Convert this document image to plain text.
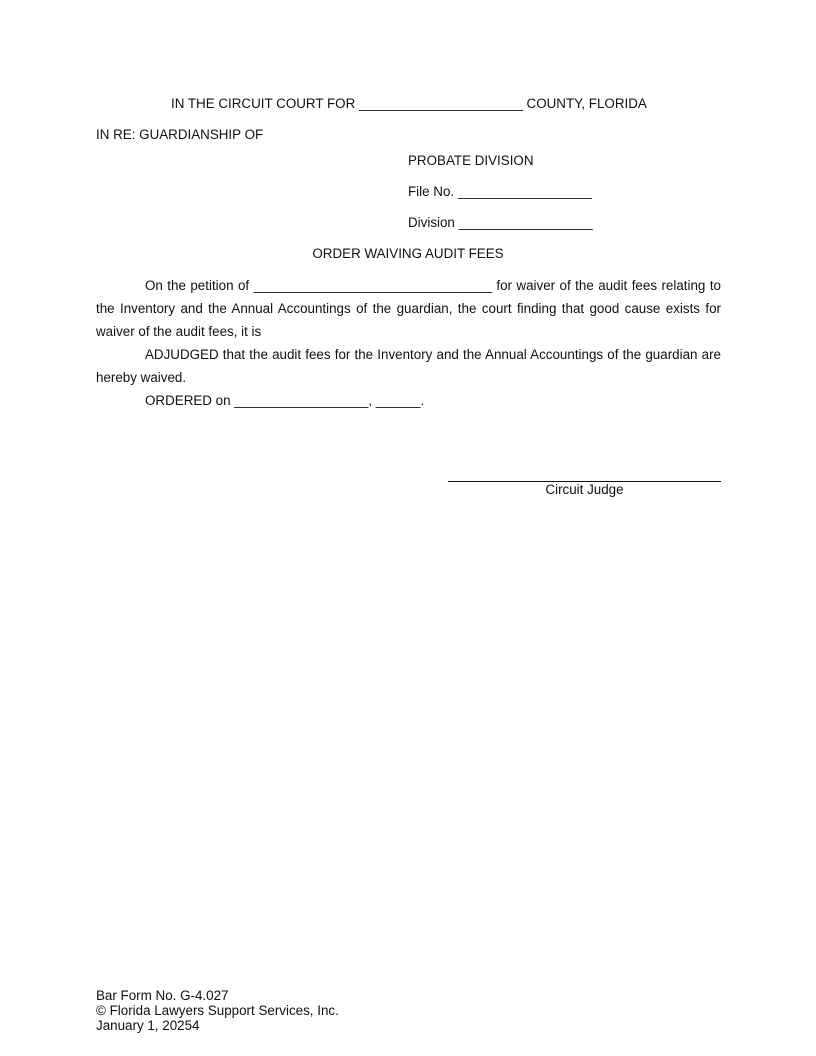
IN THE CIRCUIT COURT FOR ______________________ COUNTY, FLORIDA
IN RE: GUARDIANSHIP OF
PROBATE DIVISION
File No. __________________
Division __________________
ORDER WAIVING AUDIT FEES
On the petition of ________________________________ for waiver of the audit fees relating to the Inventory and the Annual Accountings of the guardian, the court finding that good cause exists for waiver of the audit fees, it is
ADJUDGED that the audit fees for the Inventory and the Annual Accountings of the guardian are hereby waived.
ORDERED on __________________, ______.
Circuit Judge
Bar Form No. G-4.027
© Florida Lawyers Support Services, Inc.
January 1, 20254
